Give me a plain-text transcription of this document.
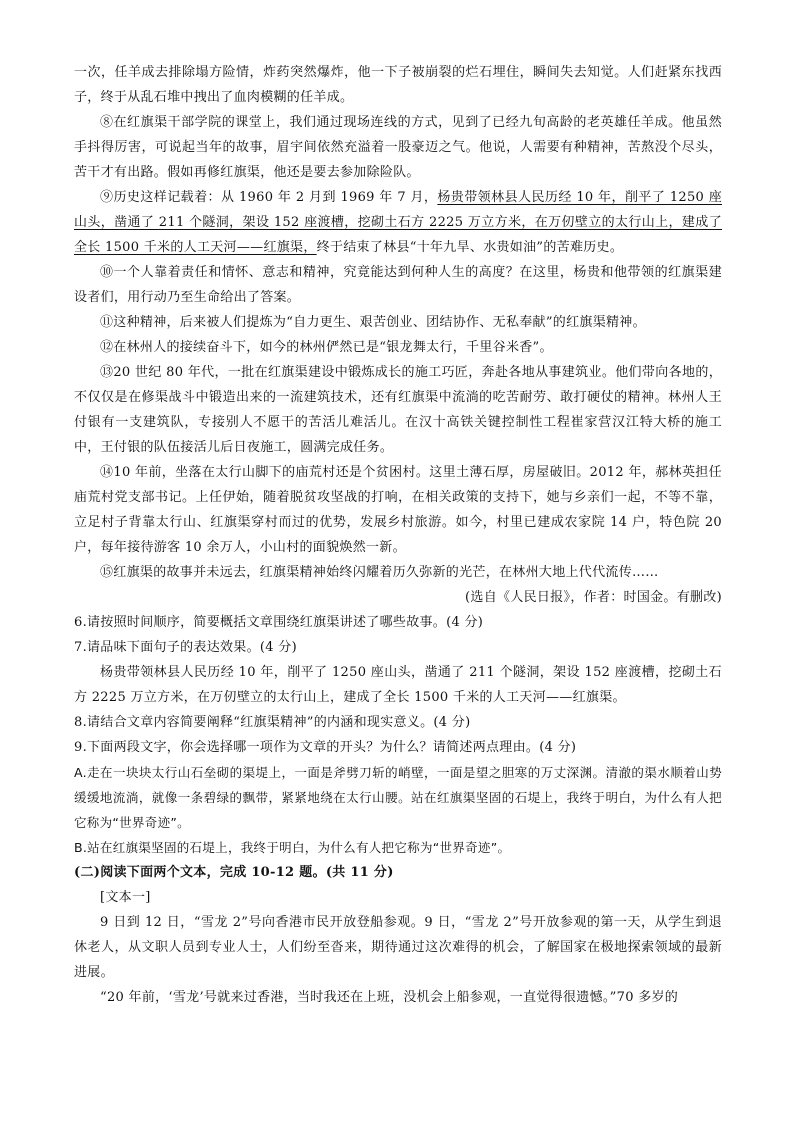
一次，任羊成去排除塌方险情，炸药突然爆炸，他一下子被崩裂的烂石埋住，瞬间失去知觉。人们赶紧东找西子，终于从乱石堆中拽出了血肉模糊的任羊成。

⑧在红旗渠干部学院的课堂上，我们通过现场连线的方式，见到了已经九旬高龄的老英雄任羊成。他虽然手抖得厉害，可说起当年的故事，眉宇间依然充溢着一股豪迈之气。他说，人需要有种精神，苦熬没个尽头，苦干才有出路。假如再修红旗渠，他还是要去参加除险队。

⑨历史这样记载着：从 1960 年 2 月到 1969 年 7 月，杨贵带领林县人民历经 10 年，削平了 1250 座山头，凿通了 211 个隧洞，架设 152 座渡槽，挖砌土石方 2225 万立方米，在万仞壁立的太行山上，建成了全长 1500 千米的人工天河——红旗渠，终于结束了林县“十年九旱、水贵如油”的苦难历史。

⑩一个人靠着责任和情怀、意志和精神，究竟能达到何种人生的高度？在这里，杨贵和他带领的红旗渠建设者们，用行动乃至生命给出了答案。

⑪这种精神，后来被人们提炼为“自力更生、艰苦创业、团结协作、无私奉献”的红旗渠精神。

⑫在林州人的接续奋斗下，如今的林州俨然已是“银龙舞太行，千里谷米香”。

⑬20 世纪 80 年代，一批在红旗渠建设中锻炼成长的施工巧匠，奔赴各地从事建筑业。他们带向各地的，不仅仅是在修渠战斗中锻造出来的一流建筑技术，还有红旗渠中流淌的吃苦耐劳、敢打硬仗的精神。林州人王付银有一支建筑队，专接别人不愿干的苦活儿难活儿。在汉十高铁关键控制性工程崔家营汉江特大桥的施工中，王付银的队伍接活儿后日夜施工，圆满完成任务。

⑭10 年前，坐落在太行山脚下的庙荒村还是个贫困村。这里土薄石厚，房屋破旧。2012 年，郝林英担任庙荒村党支部书记。上任伊始，随着脱贫攻坚战的打响，在相关政策的支持下，她与乡亲们一起，不等不靠，立足村子背靠太行山、红旗渠穿村而过的优势，发展乡村旅游。如今，村里已建成农家院 14 户，特色院 20 户，每年接待游客 10 余万人，小山村的面貌焕然一新。

⑮红旗渠的故事并未远去，红旗渠精神始终闪耀着历久弥新的光芒，在林州大地上代代流传……

(选自《人民日报》，作者：时国金。有删改)

6.请按照时间顺序，简要概括文章围绕红旗渠讲述了哪些故事。(4 分)

7.请品味下面句子的表达效果。(4 分)

杨贵带领林县人民历经 10 年，削平了 1250 座山头，凿通了 211 个隧洞，架设 152 座渡槽，挖砌土石方 2225 万立方米，在万仞壁立的太行山上，建成了全长 1500 千米的人工天河——红旗渠。

8.请结合文章内容简要阐释“红旗渠精神”的内涵和现实意义。(4 分)

9.下面两段文字，你会选择哪一项作为文章的开头？为什么？请简述两点理由。(4 分)

A.走在一块块太行山石垒砌的渠堤上，一面是斧劈刀斩的峭壁，一面是望之胆寒的万丈深渊。清澈的渠水顺着山势缓缓地流淌，就像一条碧绿的飘带，紧紧地绕在太行山腰。站在红旗渠坚固的石堤上，我终于明白，为什么有人把它称为“世界奇迹”。

B.站在红旗渠坚固的石堤上，我终于明白，为什么有人把它称为“世界奇迹”。

(二)阅读下面两个文本，完成 10-12 题。(共 11 分)

[文本一]

9 日到 12 日，“雪龙 2”号向香港市民开放登船参观。9 日，“雪龙 2”号开放参观的第一天，从学生到退休老人，从文职人员到专业人士，人们纷至沓来，期待通过这次难得的机会，了解国家在极地探索领域的最新进展。

“20 年前，‘雪龙’号就来过香港，当时我还在上班，没机会上船参观，一直觉得很遗憾。”70 多岁的
